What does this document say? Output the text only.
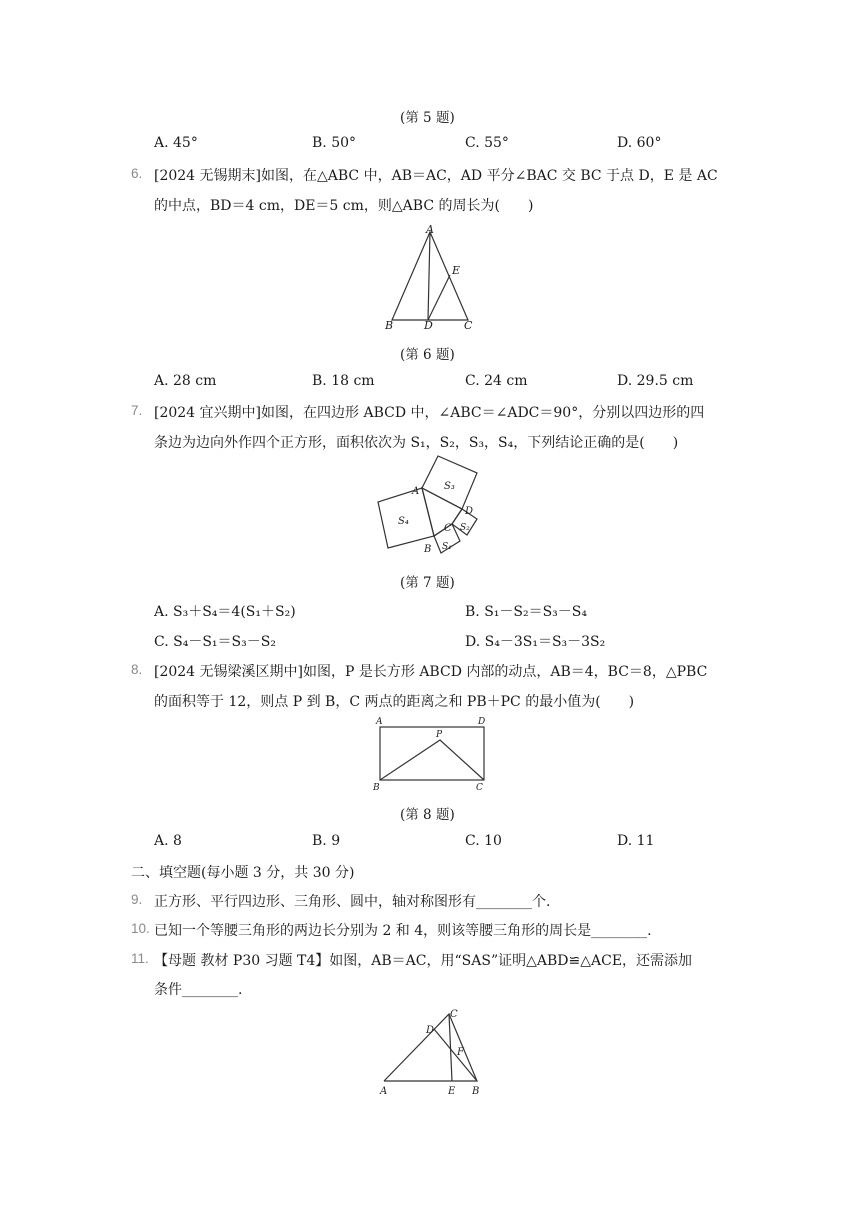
(第 5 题)
A. 45°	B. 50°	C. 55°	D. 60°
6. [2024 无锡期末]如图，在△ABC 中，AB＝AC，AD 平分∠BAC 交 BC 于点 D，E 是 AC
的中点，BD＝4 cm，DE＝5 cm，则△ABC 的周长为(　　)
A
B	D	C
E
(第 6 题)
A. 28 cm	B. 18 cm	C. 24 cm	D. 29.5 cm
7. [2024 宜兴期中]如图，在四边形 ABCD 中，∠ABC＝∠ADC＝90°，分别以四边形的四
条边为边向外作四个正方形，面积依次为 S₁，S₂，S₃，S₄，下列结论正确的是(　　)
A
B
C
D
S₃
S₄
S₁
S₂
(第 7 题)
A. S₃＋S₄＝4(S₁＋S₂)	B. S₁－S₂＝S₃－S₄
C. S₄－S₁＝S₃－S₂	D. S₄－3S₁＝S₃－3S₂
8. [2024 无锡梁溪区期中]如图，P 是长方形 ABCD 内部的动点，AB＝4，BC＝8，△PBC
的面积等于 12，则点 P 到 B，C 两点的距离之和 PB＋PC 的最小值为(　　)
A	D
P
B	C
(第 8 题)
A. 8	B. 9	C. 10	D. 11
二、填空题(每小题 3 分，共 30 分)
9. 正方形、平行四边形、三角形、圆中，轴对称图形有________个.
10. 已知一个等腰三角形的两边长分别为 2 和 4，则该等腰三角形的周长是________.
11. 【母题 教材 P30 习题 T4】如图，AB＝AC，用“SAS”证明△ABD≌△ACE，还需添加
条件________.
C
D
F
A	E B
